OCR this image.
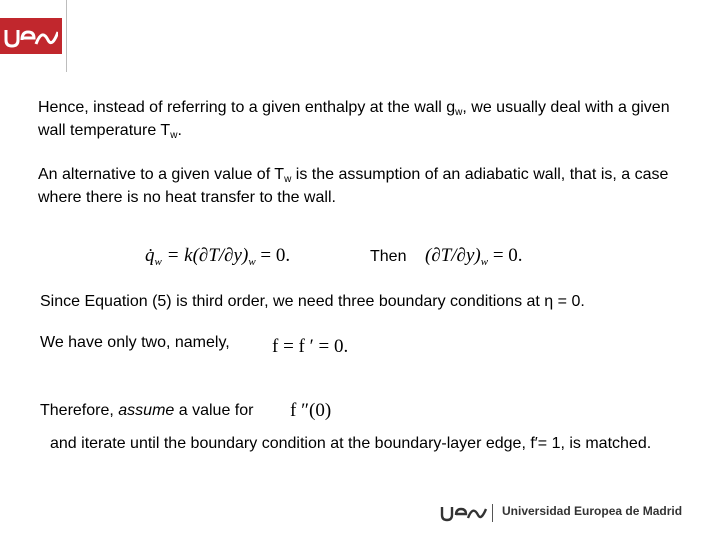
Hence, instead of referring to a given enthalpy at the wall $g_w$, we usually deal with a given wall temperature $T_w$.

An alternative to a given value of $T_w$ is the assumption of an adiabatic wall, that is, a case where there is no heat transfer to the wall.

$q̇_w = k(\partial T/\partial y)_w = 0$.	Then $(\partial T/\partial y)_w = 0$.
Since Equation (5) is third order, we need three boundary conditions at η = 0.
We have only two, namely, f = f ′ = 0.
Therefore, assume a value for f ″(0)

and iterate until the boundary condition at the boundary-layer edge, f′= 1, is matched.

Universidad Europea de Madrid
